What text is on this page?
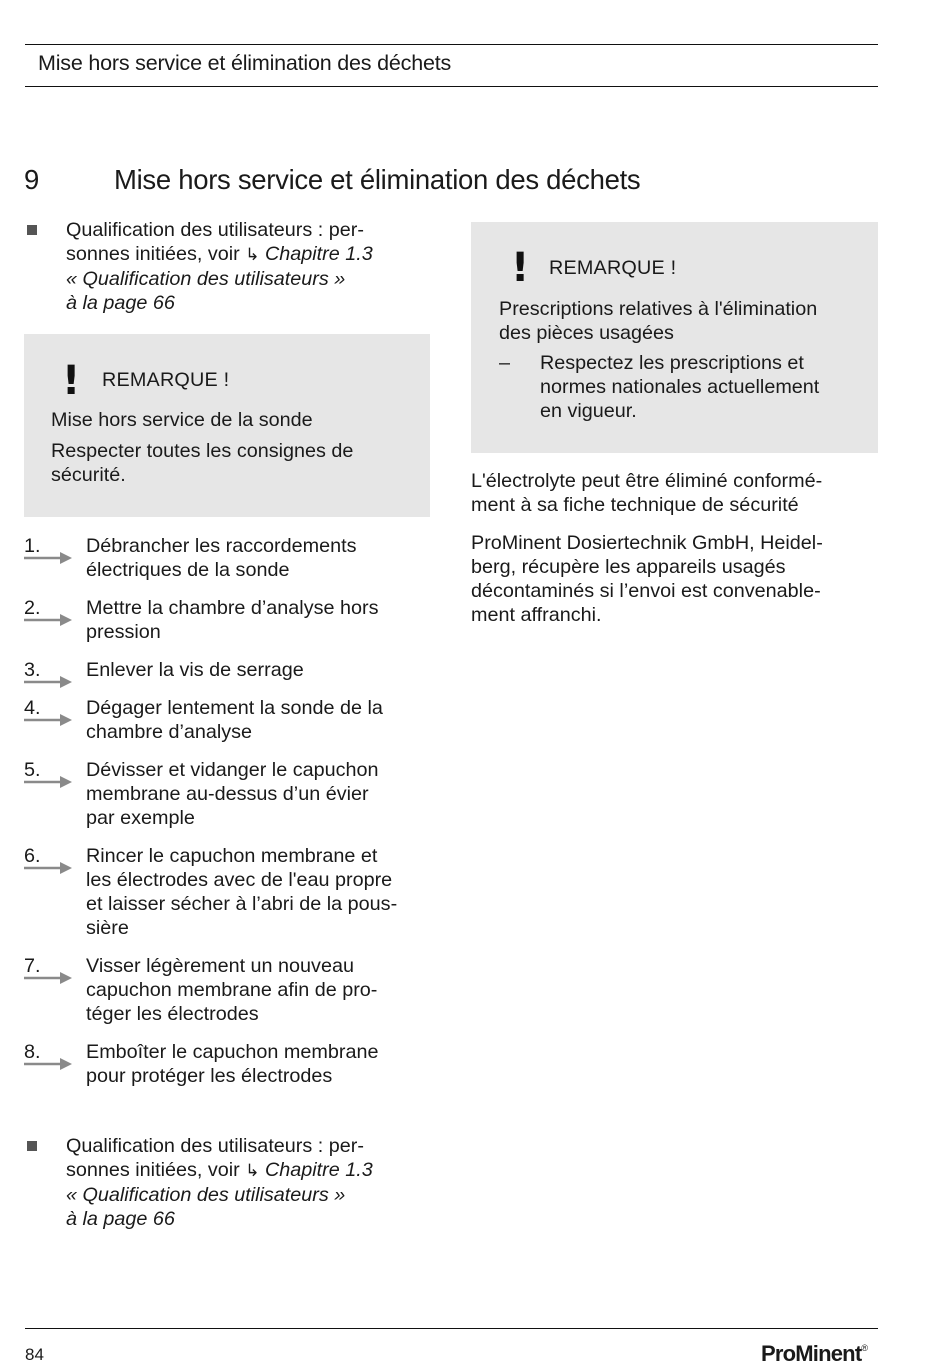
Mise hors service et élimination des déchets
9	Mise hors service et élimination des déchets
Qualification des utilisateurs : per-
sonnes initiées, voir ↳ Chapitre 1.3
« Qualification des utilisateurs »
à la page 66
! REMARQUE !
Mise hors service de la sonde
Respecter toutes les consignes de
sécurité.
1. Débrancher les raccordements
électriques de la sonde
2. Mettre la chambre d’analyse hors
pression
3. Enlever la vis de serrage
4. Dégager lentement la sonde de la
chambre d’analyse
5. Dévisser et vidanger le capuchon
membrane au-dessus d’un évier
par exemple
6. Rincer le capuchon membrane et
les électrodes avec de l'eau propre
et laisser sécher à l’abri de la pous-
sière
7. Visser légèrement un nouveau
capuchon membrane afin de pro-
téger les électrodes
8. Emboîter le capuchon membrane
pour protéger les électrodes
Qualification des utilisateurs : per-
sonnes initiées, voir ↳ Chapitre 1.3
« Qualification des utilisateurs »
à la page 66
! REMARQUE !
Prescriptions relatives à l'élimination
des pièces usagées
– Respectez les prescriptions et
normes nationales actuellement
en vigueur.
L'électrolyte peut être éliminé conformé-
ment à sa fiche technique de sécurité
ProMinent Dosiertechnik GmbH, Heidel-
berg, récupère les appareils usagés
décontaminés si l’envoi est convenable-
ment affranchi.
84	ProMinent®
